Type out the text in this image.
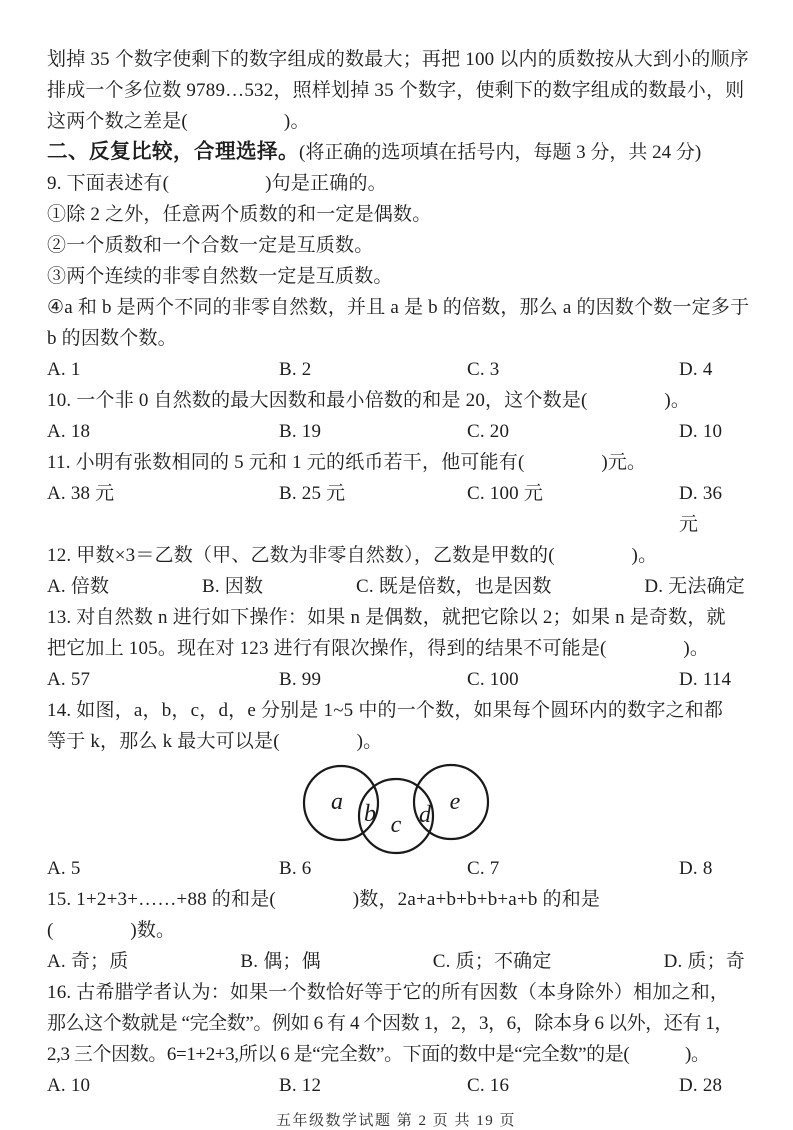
划掉 35 个数字使剩下的数字组成的数最大；再把 100 以内的质数按从大到小的顺序

排成一个多位数 9789…532，照样划掉 35 个数字，使剩下的数字组成的数最小，则

这两个数之差是(　　　　　)。

二、反复比较，合理选择。(将正确的选项填在括号内，每题 3 分，共 24 分)

9. 下面表述有(　　　　　)句是正确的。

①除 2 之外，任意两个质数的和一定是偶数。

②一个质数和一个合数一定是互质数。

③两个连续的非零自然数一定是互质数。

④a 和 b 是两个不同的非零自然数，并且 a 是 b 的倍数，那么 a 的因数个数一定多于

b 的因数个数。

A. 1	B. 2	C. 3	D. 4

10. 一个非 0 自然数的最大因数和最小倍数的和是 20，这个数是(　　　　)。

A. 18	B. 19	C. 20	D. 10

11. 小明有张数相同的 5 元和 1 元的纸币若干，他可能有(　　　　)元。

A. 38 元	B. 25 元	C. 100 元	D. 36 元

12. 甲数×3＝乙数（甲、乙数为非零自然数），乙数是甲数的(　　　　)。

A. 倍数	B. 因数	C. 既是倍数，也是因数	D. 无法确定

13. 对自然数 n 进行如下操作：如果 n 是偶数，就把它除以 2；如果 n 是奇数，就

把它加上 105。现在对 123 进行有限次操作，得到的结果不可能是(　　　　)。

A. 57	B. 99	C. 100	D. 114

14. 如图，a，b，c，d，e 分别是 1~5 中的一个数，如果每个圆环内的数字之和都

等于 k，那么 k 最大可以是(　　　　)。

a b c d e
A. 5	B. 6	C. 7	D. 8

15. 1+2+3+……+88 的和是(　　　　)数，2a+a+b+b+b+a+b 的和是

(　　　　)数。

A. 奇；质	B. 偶；偶	C. 质；不确定	D. 质；奇

16. 古希腊学者认为：如果一个数恰好等于它的所有因数（本身除外）相加之和，

那么这个数就是 “完全数”。例如 6 有 4 个因数 1，2，3，6，除本身 6 以外，还有 1，

2,3 三个因数。6=1+2+3,所以 6 是“完全数”。下面的数中是“完全数”的是(　　　)。

A. 10	B. 12	C. 16	D. 28
五年级数学试题 第 2 页 共 19 页
